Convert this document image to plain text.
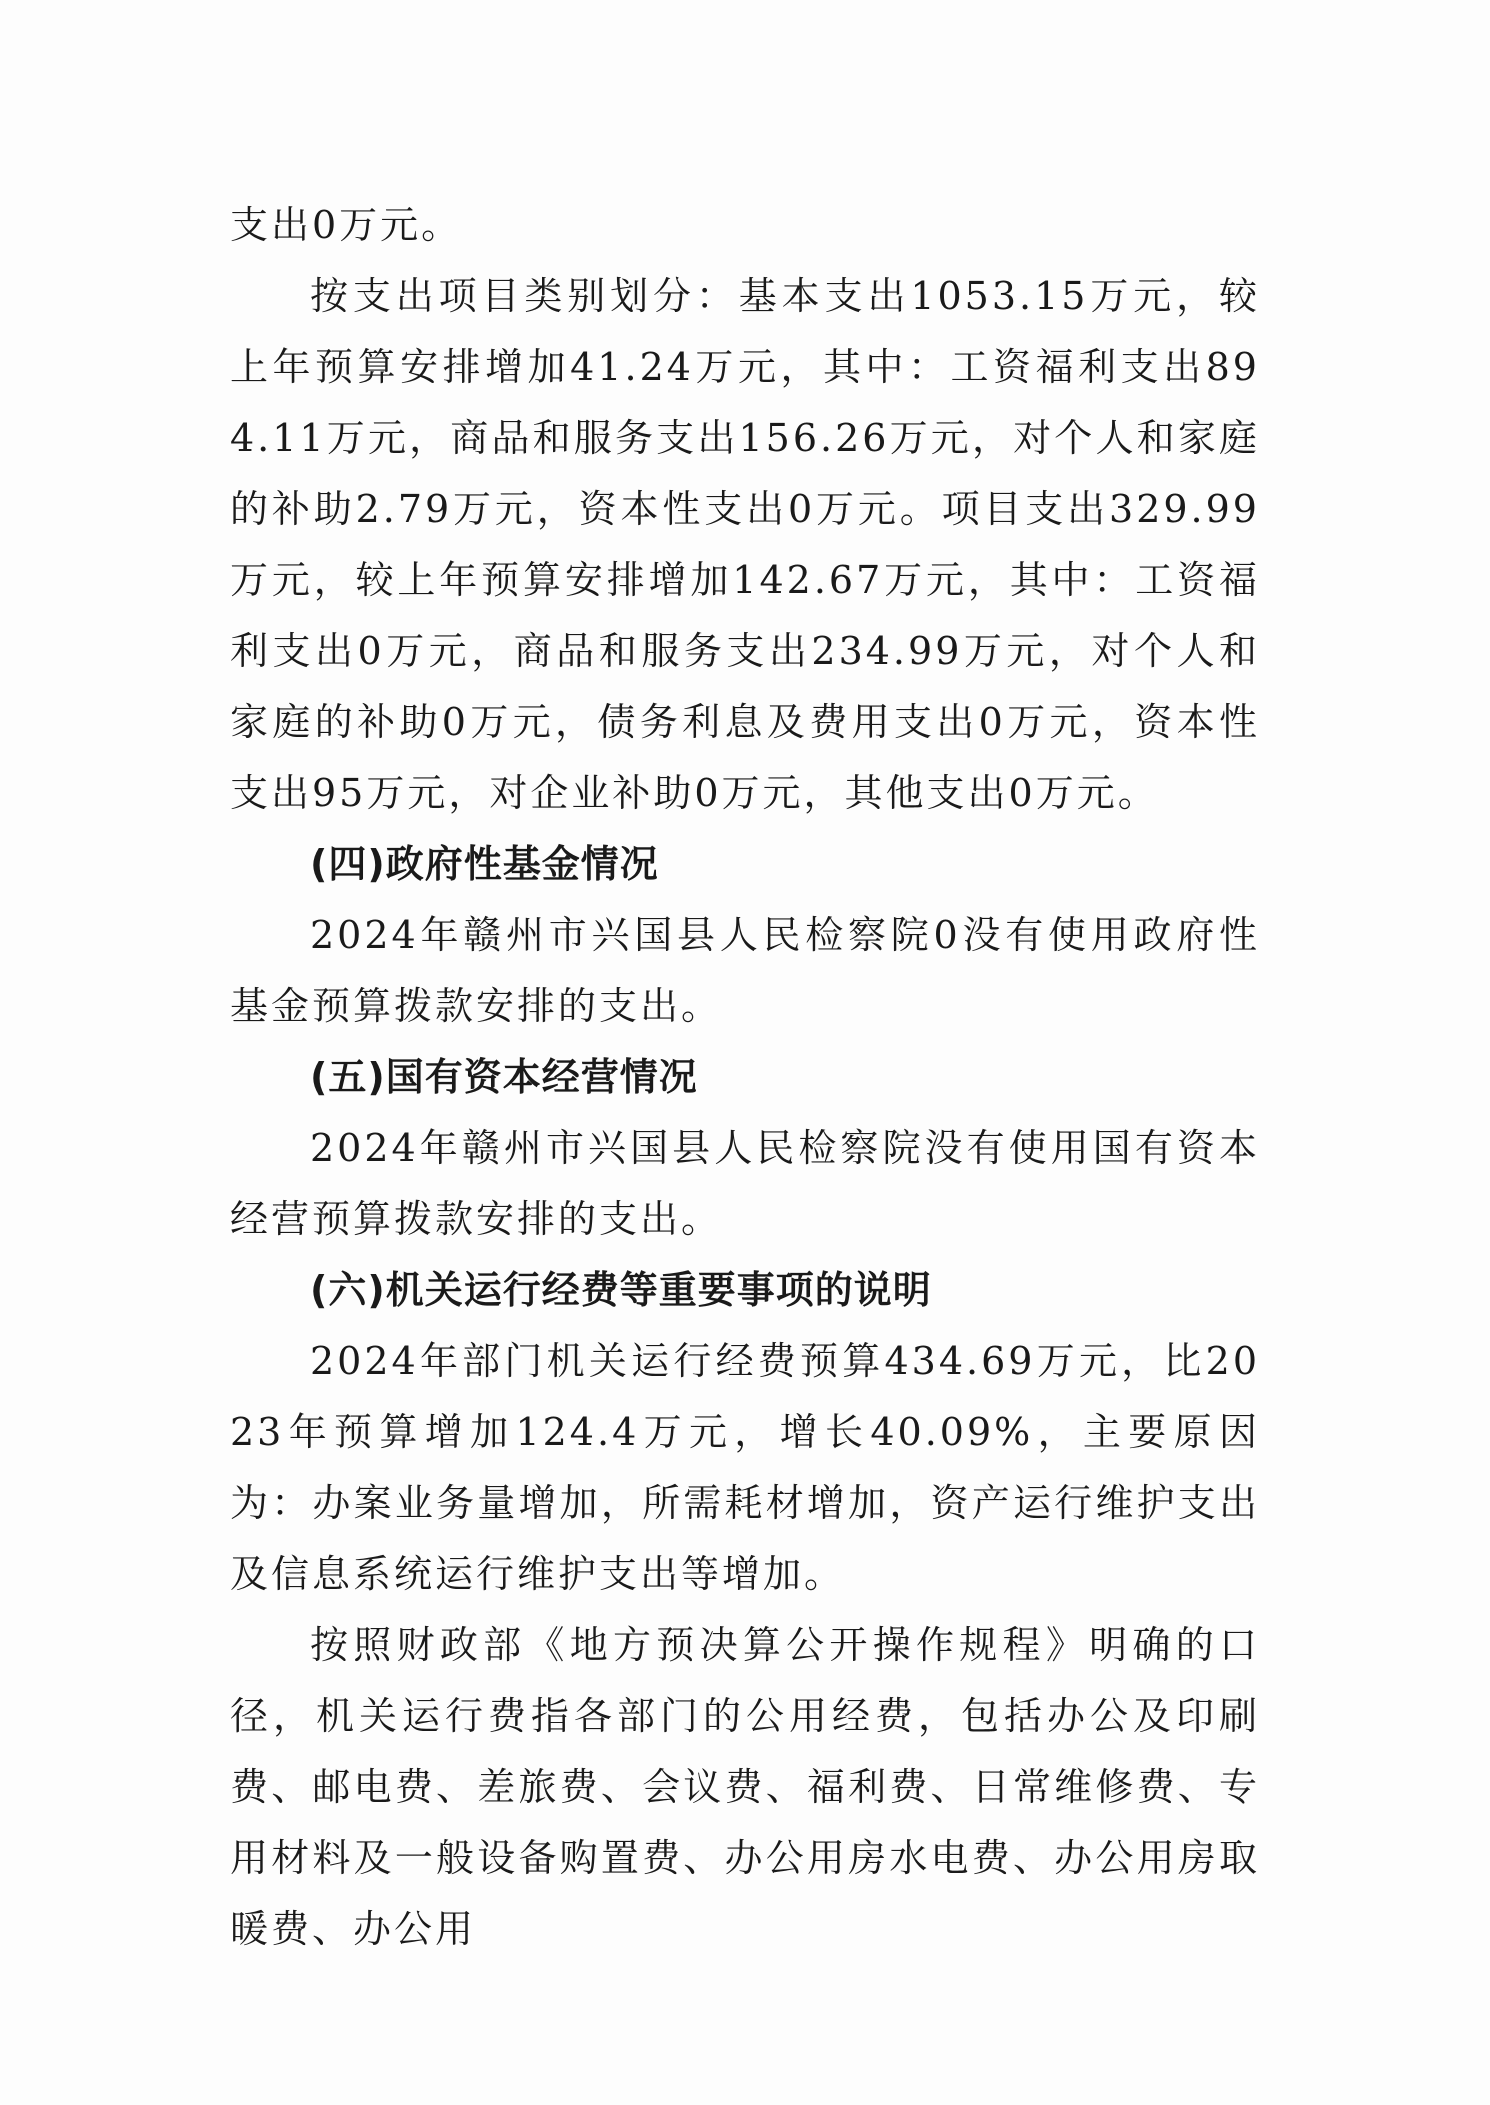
支出0万元。

按支出项目类别划分：基本支出1053.15万元，较上年预算安排增加41.24万元，其中：工资福利支出894.11万元，商品和服务支出156.26万元，对个人和家庭的补助2.79万元，资本性支出0万元。项目支出329.99万元，较上年预算安排增加142.67万元，其中：工资福利支出0万元，商品和服务支出234.99万元，对个人和家庭的补助0万元，债务利息及费用支出0万元，资本性支出95万元，对企业补助0万元，其他支出0万元。

(四)政府性基金情况

2024年赣州市兴国县人民检察院0没有使用政府性基金预算拨款安排的支出。

(五)国有资本经营情况

2024年赣州市兴国县人民检察院没有使用国有资本经营预算拨款安排的支出。

(六)机关运行经费等重要事项的说明

2024年部门机关运行经费预算434.69万元，比2023年预算增加124.4万元，增长40.09%，主要原因为：办案业务量增加，所需耗材增加，资产运行维护支出及信息系统运行维护支出等增加。

按照财政部《地方预决算公开操作规程》明确的口径，机关运行费指各部门的公用经费，包括办公及印刷费、邮电费、差旅费、会议费、福利费、日常维修费、专用材料及一般设备购置费、办公用房水电费、办公用房取暖费、办公用
